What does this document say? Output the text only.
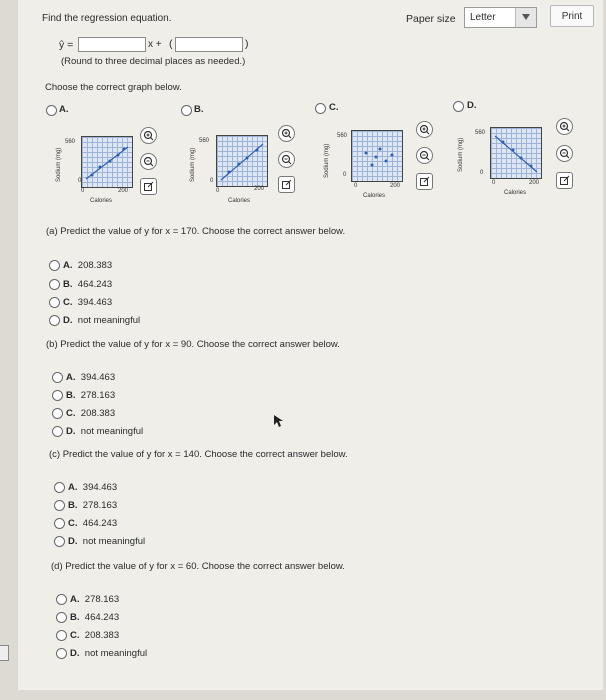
Find the regression equation.	Paper size Letter	Print
ŷ =	x + (	)
(Round to three decimal places as needed.)
Choose the correct graph below.
A.
Sodium (mg)
560
0
0	200
Calories
B.
Sodium (mg)
560
0
0	200
Calories
C.
Sodium (mg)
560
0
0	200
Calories
D.
Sodium (mg)
560
0
0	200
Calories
(a) Predict the value of y for x = 170. Choose the correct answer below.
A. 208.383
B. 464.243
C. 394.463
D. not meaningful
(b) Predict the value of y for x = 90. Choose the correct answer below.
A. 394.463
B. 278.163
C. 208.383
D. not meaningful
(c) Predict the value of y for x = 140. Choose the correct answer below.
A. 394.463
B. 278.163
C. 464.243
D. not meaningful
(d) Predict the value of y for x = 60. Choose the correct answer below.
A. 278.163
B. 464.243
C. 208.383
D. not meaningful
